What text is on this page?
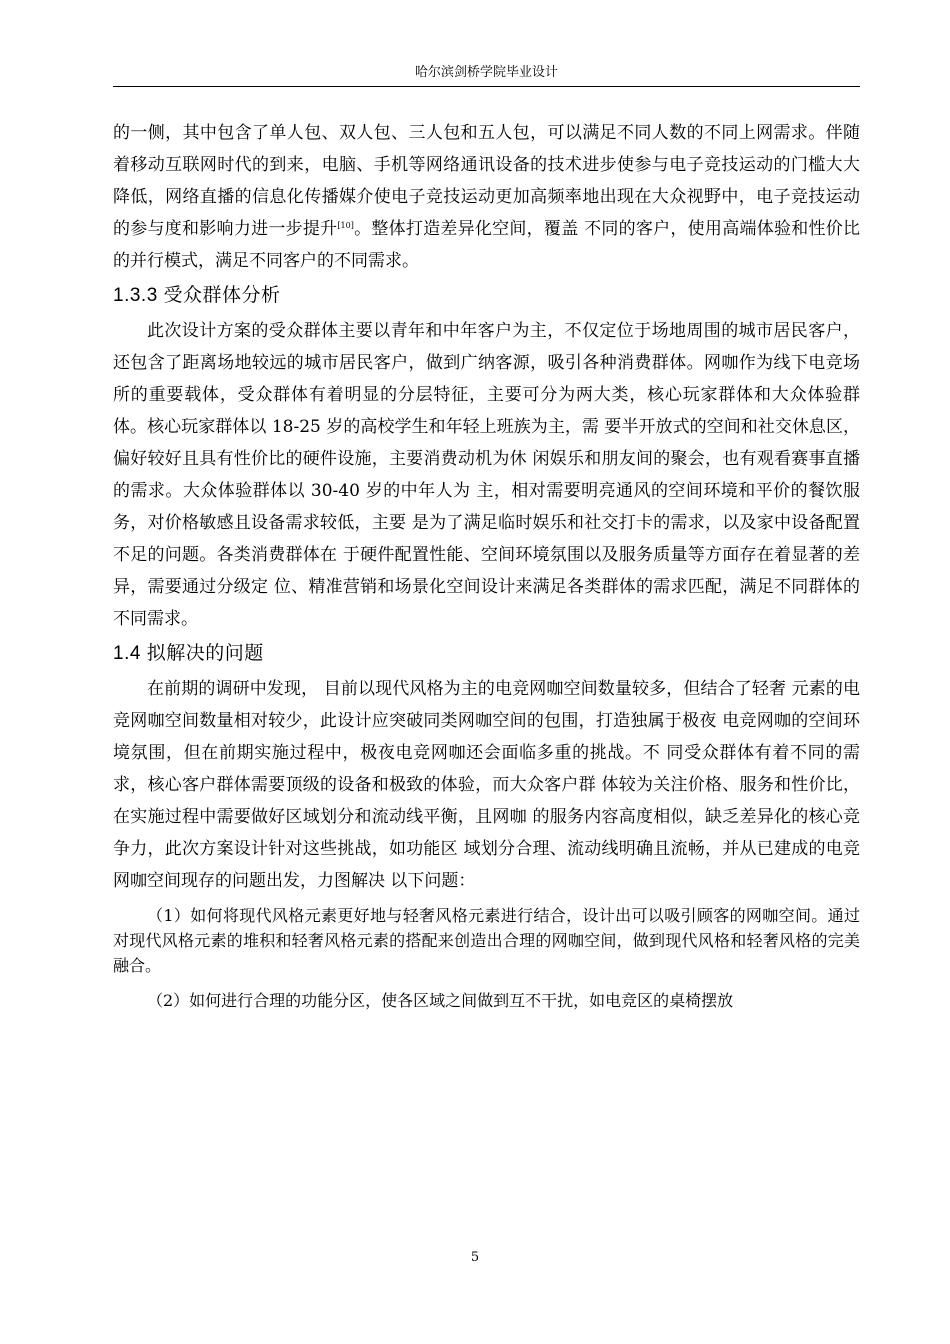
哈尔滨剑桥学院毕业设计

的一侧，其中包含了单人包、双人包、三人包和五人包，可以满足不同人数的不同上网需求。伴随着移动互联网时代的到来，电脑、手机等网络通讯设备的技术进步使参与电子竞技运动的门槛大大降低，网络直播的信息化传播媒介使电子竞技运动更加高频率地出现在大众视野中，电子竞技运动的参与度和影响力进一步提升[10]。整体打造差异化空间，覆盖 不同的客户，使用高端体验和性价比的并行模式，满足不同客户的不同需求。

1.3.3 受众群体分析

此次设计方案的受众群体主要以青年和中年客户为主，不仅定位于场地周围的城市居民客户，还包含了距离场地较远的城市居民客户，做到广纳客源，吸引各种消费群体。网咖作为线下电竞场所的重要载体，受众群体有着明显的分层特征，主要可分为两大类，核心玩家群体和大众体验群体。核心玩家群体以 18-25 岁的高校学生和年轻上班族为主，需 要半开放式的空间和社交休息区，偏好较好且具有性价比的硬件设施，主要消费动机为休 闲娱乐和朋友间的聚会，也有观看赛事直播的需求。大众体验群体以 30-40 岁的中年人为 主，相对需要明亮通风的空间环境和平价的餐饮服务，对价格敏感且设备需求较低，主要 是为了满足临时娱乐和社交打卡的需求，以及家中设备配置不足的问题。各类消费群体在 于硬件配置性能、空间环境氛围以及服务质量等方面存在着显著的差异，需要通过分级定 位、精准营销和场景化空间设计来满足各类群体的需求匹配，满足不同群体的不同需求。

1.4 拟解决的问题

在前期的调研中发现， 目前以现代风格为主的电竞网咖空间数量较多，但结合了轻奢 元素的电竞网咖空间数量相对较少，此设计应突破同类网咖空间的包围，打造独属于极夜 电竞网咖的空间环境氛围，但在前期实施过程中，极夜电竞网咖还会面临多重的挑战。不 同受众群体有着不同的需求，核心客户群体需要顶级的设备和极致的体验，而大众客户群 体较为关注价格、服务和性价比，在实施过程中需要做好区域划分和流动线平衡，且网咖 的服务内容高度相似，缺乏差异化的核心竞争力，此次方案设计针对这些挑战，如功能区 域划分合理、流动线明确且流畅，并从已建成的电竞网咖空间现存的问题出发，力图解决 以下问题：

（1）如何将现代风格元素更好地与轻奢风格元素进行结合，设计出可以吸引顾客的网咖空间。通过对现代风格元素的堆积和轻奢风格元素的搭配来创造出合理的网咖空间，做到现代风格和轻奢风格的完美融合。

（2）如何进行合理的功能分区，使各区域之间做到互不干扰，如电竞区的桌椅摆放

5
